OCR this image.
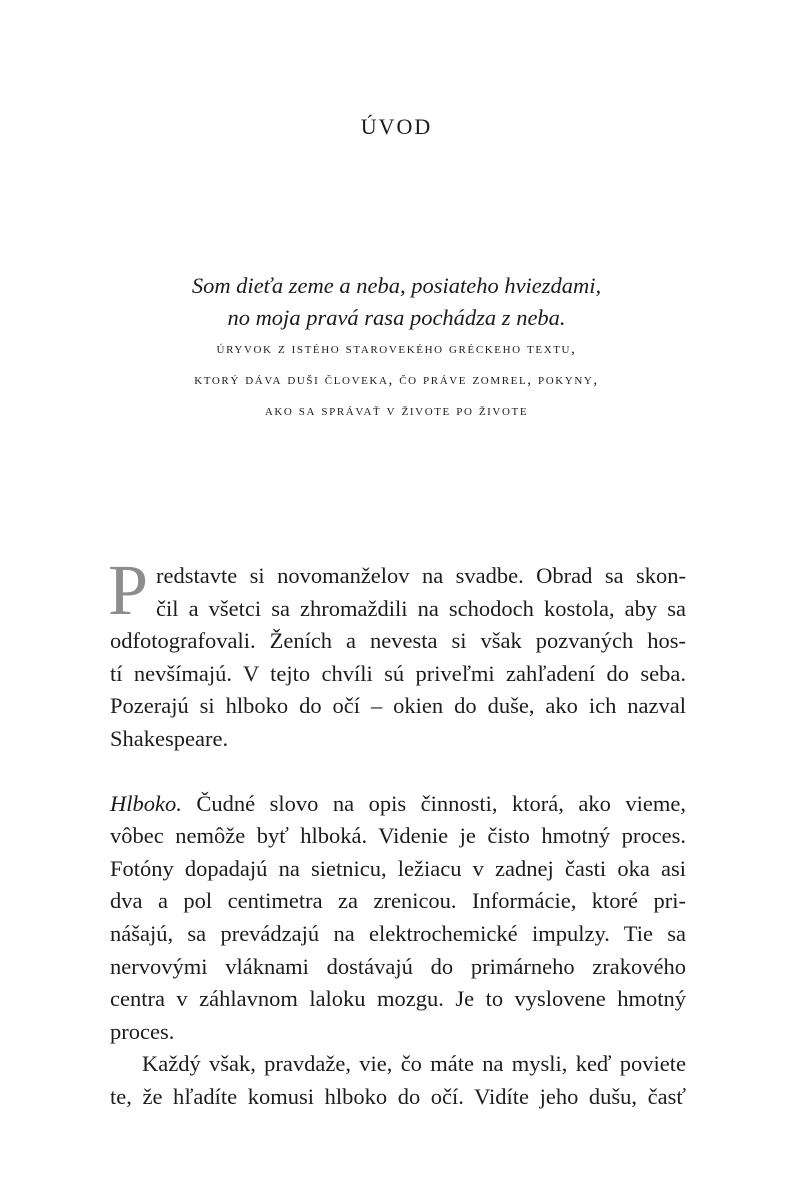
ÚVOD
Som dieťa zeme a neba, posiateho hviezdami,
no moja pravá rasa pochádza z neba.
úryvok z istého starovekého gréckeho textu,
ktorý dáva duši človeka, čo práve zomrel, pokyny,
ako sa správať v živote po živote
P redstavte si novomanželov na svadbe. Obrad sa skon-
čil a všetci sa zhromaždili na schodoch kostola, aby sa
odfotografovali. Ženích a nevesta si však pozvaných hos-
tí nevšímajú. V tejto chvíli sú priveľmi zahľadení do seba.
Pozerajú si hlboko do očí – okien do duše, ako ich nazval
Shakespeare.
Hlboko. Čudné slovo na opis činnosti, ktorá, ako vieme,
vôbec nemôže byť hlboká. Videnie je čisto hmotný proces.
Fotóny dopadajú na sietnicu, ležiacu v zadnej časti oka asi
dva a pol centimetra za zrenicou. Informácie, ktoré pri-
nášajú, sa prevádzajú na elektrochemické impulzy. Tie sa
nervovými vláknami dostávajú do primárneho zrakového
centra v záhlavnom laloku mozgu. Je to vyslovene hmotný
proces.
Každý však, pravdaže, vie, čo máte na mysli, keď poviete
te, že hľadíte komusi hlboko do očí. Vidíte jeho dušu, časť
